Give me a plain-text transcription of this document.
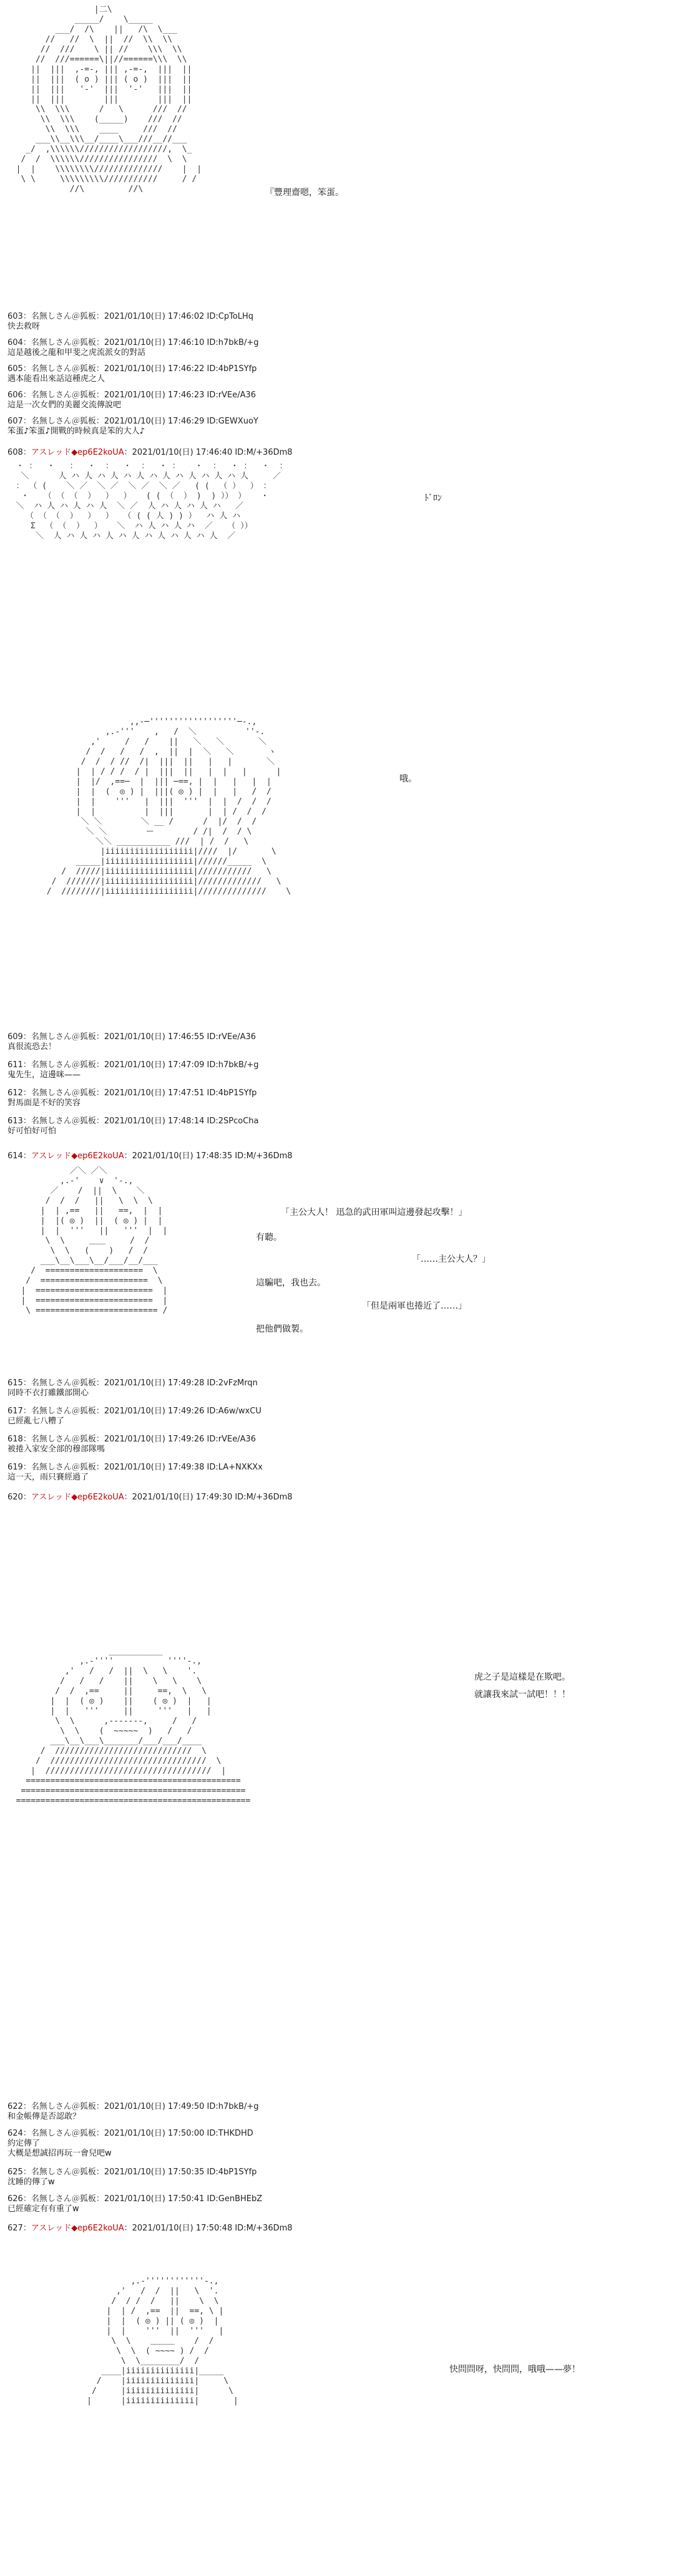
|二\
_____/    \_____
___/  /\    ||   /\  \___
//   //  \  ||  //  \\  \\
//  ///    \ || //    \\\  \\
//  ///======\||//======\\\  \\
||  |||  ,-=-, ||| ,-=-,  |||  ||
||  |||  ( o ) ||| ( o )  |||  ||
||  |||   '-'  |||  '-'   |||  ||
||  |||        |||        |||  ||
\\  \\\      /   \      ///  //
\\  \\\    (_____)    ///  //
\\  \\\    ____     ///  //
___\\__\\\__/____\___///__//___
_/  ,\\\\\\//////////////////,  \_
/  /  \\\\\\////////////////  \  \
|  |    \\\\\\\\//////////////    |  |
\ \     \\\\\\\\\///////////     / /
//\         //\	『豐理齋嗯，笨蛋。
603：名無しさん＠狐板：2021/01/10(日) 17:46:02 ID:CpToLHq
快去救呀
604：名無しさん＠狐板：2021/01/10(日) 17:46:10 ID:h7bkB/+g
這是越後之龍和甲斐之虎流派女的對話
605：名無しさん＠狐板：2021/01/10(日) 17:46:22 ID:4bP1SYfp
遇本能看出來話這種虎之人
606：名無しさん＠狐板：2021/01/10(日) 17:46:23 ID:rVEe/A36
這是一次女們的美麗交流傳說吧
607：名無しさん＠狐板：2021/01/10(日) 17:46:29 ID:GEWXuoY
笨蛋♪笨蛋♪開戰的時候真是笨的大人♪
608：アスレッド◆ep6E2koUA：2021/01/10(日) 17:46:40 ID:M/+36Dm8
・ ：  ・   ：  ・  ：  ・  ：  ・ ：   ・  ：  ・ ：  ・  ：
＼      人 ハ 人 ハ 人 ハ 人 ハ 人 ハ 人 ハ 人 ハ 人     ／
： （ (    ＼ ／  ＼ ／  ＼ ／  ＼ ／   ( (  （ ）  ） ：
・   （ （ （  ）  ）  ）   ( ( （  ） )  ) ）） ）   ・
＼  ハ 人 ハ 人 ハ 人  ＼ ／  人 ハ 人 ハ 人 ハ   ／
（ （ （  ）  ）  ）  （ ( ( 人 ) ) ）  ハ 人 ハ
Σ  （ （  ）  ）   ＼  ハ 人 ハ 人 ハ  ／   （ ））
＼  人 ハ 人 ハ 人 ハ 人 ハ 人 ハ 人 ハ 人  ／
ﾄﾞﾛﾝ
,,-─''''''''''''''''''─-.,
,.-'''    ,   /  ＼          ''-.
,'     /   /    ||   ＼   ＼       ＼
/  /   /   /  ,  ||  |  ＼   ＼       ヽ
/  /  / //  /|  |||  ||   |   |       ＼
|  | / / /  / |  |||  ||   |  |   |      |
|  |/  ,==─  |  ||| ─==, |  |   |   |  |
|  |  (  ◎ ) |  |||( ◎ ) |  |   |   /  /
|  |    '''   |  |||  '''  |  |  /  /  /
|  |          |  |||       |  | /  /  /
＼ ＼        ＼ __ /      /  |/  /  /
＼ ＼        ー        / /|  /  / \
＼＼ ___________ ///  | /  /   \
|iiiiiiiiiiiiiiiiii|////  |/       \
_____|iiiiiiiiiiiiiiiiii|//////_____  \
/  /////|iiiiiiiiiiiiiiiiii|///////////   \
/  ///////|iiiiiiiiiiiiiiiiii|/////////////   \
/  ////////|iiiiiiiiiiiiiiiiii|//////////////    \
哦。
609：名無しさん＠狐板：2021/01/10(日) 17:46:55 ID:rVEe/A36
真很流恐去！
611：名無しさん＠狐板：2021/01/10(日) 17:47:09 ID:h7bkB/+g
鬼先生，這邊咪——
612：名無しさん＠狐板：2021/01/10(日) 17:47:51 ID:4bP1SYfp
對馬面是不好的笑容
613：名無しさん＠狐板：2021/01/10(日) 17:48:14 ID:2SPcoCha
好可怕好可怕
614：アスレッド◆ep6E2koUA：2021/01/10(日) 17:48:35 ID:M/+36Dm8
／＼ ／＼
,.-'    ∨  '-.,
／    /  ||  \    ＼
/  /  /   ||   \  \  \
|  | ,==   ||   ==,  |  |
|  |( ◎ )  ||  ( ◎ ) |  |
|  |  '''   ||   '''  |  |
\  \     ＿＿     /  /
\  \   (    )   /  /
___\__\___\__/___/__/___
/  ====================  \
/  ======================  \
|  ========================  |
|  ========================  |
\ ========================= /
「主公大人！ 迅急的武田軍叫這邊發起攻擊！」
有聽。
「……主公大人？」
這騙吧，我也去。
「但是兩軍也捲近了……」
把他們做製。
615：名無しさん＠狐板：2021/01/10(日) 17:49:28 ID:2vFzMrqn
同時不衣打雖鐵部開心
617：名無しさん＠狐板：2021/01/10(日) 17:49:26 ID:A6w/wxCU
已經亂七八糟了
618：名無しさん＠狐板：2021/01/10(日) 17:49:26 ID:rVEe/A36
被捲入家安全部的穆部隊嗎
619：名無しさん＠狐板：2021/01/10(日) 17:49:38 ID:LA+NXKXx
這一天，雨只賽經過了
620：アスレッド◆ep6E2koUA：2021/01/10(日) 17:49:30 ID:M/+36Dm8
___________
,.-''''           ''''-.,
,'   /   /  ||  \   \    '.
/   /   /    ||    \   \    \
/  /  ,==     ||     ==,  \   \
|  |  ( ◎ )    ||    ( ◎ )  |   |
|  |   '''     ||     '''   |   |
\  \      ,-------,     /   /
\  \    (  ~~~~~  )   /   /
___\__\___\_______/___/___/____
/  ////////////////////////////  \
/  ////////////////////////////////  \
|  //////////////////////////////////  |
============================================
==============================================
================================================
虎之子是這樣是在欺吧。
就讓我來試一試吧！！！
622：名無しさん＠狐板：2021/01/10(日) 17:49:50 ID:h7bkB/+g
和金帳傳是否認敢？
624：名無しさん＠狐板：2021/01/10(日) 17:50:00 ID:THKDHD
約定傳了
大概是想誠招再玩一會兒吧w
625：名無しさん＠狐板：2021/01/10(日) 17:50:35 ID:4bP1SYfp
沈睡的傳了w
626：名無しさん＠狐板：2021/01/10(日) 17:50:41 ID:GenBHEbZ
已經確定有有重了w
627：アスレッド◆ep6E2koUA：2021/01/10(日) 17:50:48 ID:M/+36Dm8
,.-''''''''''''-.,
,'   /  /  ||   \  '.
/  / /  /   ||    \  \
|  | /  ,==  ||  ==, \ |
|  |  ( ◎ ) || ( ◎ )  |
|  |    '''  ||  '''   |
\  \    ＿＿＿    /  /
\  \  ( ~~~~ ) /  /
\  \________/  /
____|iiiiiiiiiiiiii|_____
/    |iiiiiiiiiiiiii|     \
/     |iiiiiiiiiiiiii|      \
|      |iiiiiiiiiiiiii|       |
快問問呀，快問問，哦哦——夢！
